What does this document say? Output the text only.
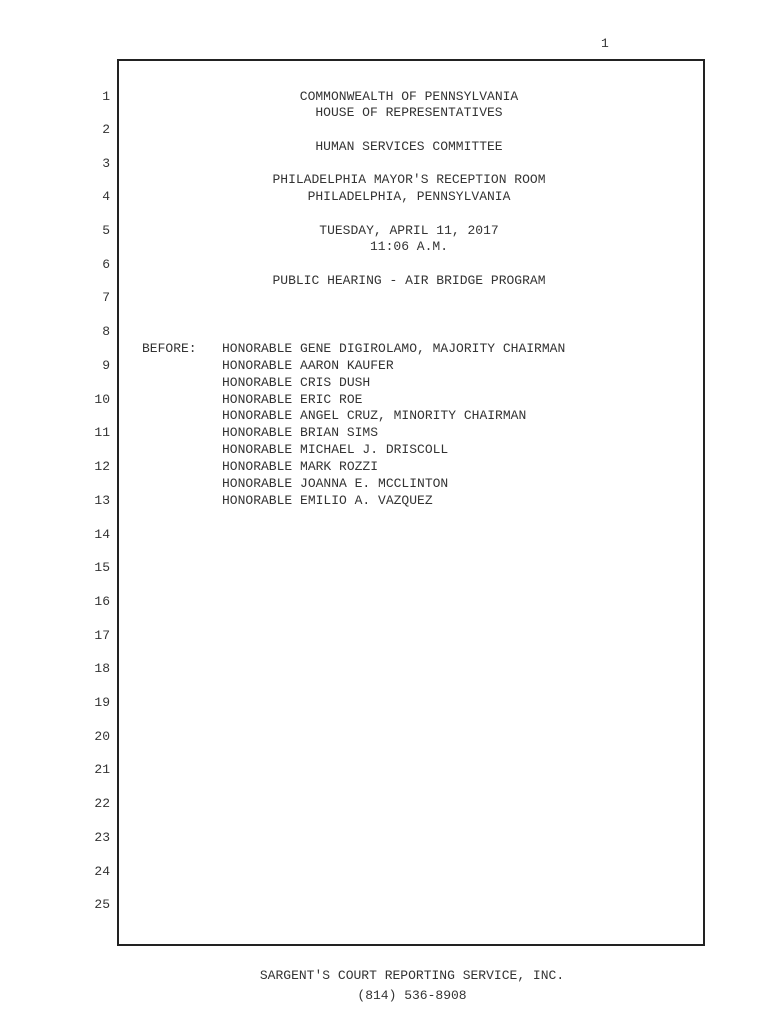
1
1
2
3
4
5
6
7
8
9
10
11
12
13
14
15
16
17
18
19
20
21
22
23
24
25
COMMONWEALTH OF PENNSYLVANIA
HOUSE OF REPRESENTATIVES
HUMAN SERVICES COMMITTEE
PHILADELPHIA MAYOR'S RECEPTION ROOM
PHILADELPHIA, PENNSYLVANIA
TUESDAY, APRIL 11, 2017
11:06 A.M.
PUBLIC HEARING - AIR BRIDGE PROGRAM
BEFORE: HONORABLE GENE DIGIROLAMO, MAJORITY CHAIRMAN
HONORABLE AARON KAUFER
HONORABLE CRIS DUSH
HONORABLE ERIC ROE
HONORABLE ANGEL CRUZ, MINORITY CHAIRMAN
HONORABLE BRIAN SIMS
HONORABLE MICHAEL J. DRISCOLL
HONORABLE MARK ROZZI
HONORABLE JOANNA E. MCCLINTON
HONORABLE EMILIO A. VAZQUEZ
SARGENT'S COURT REPORTING SERVICE, INC.
(814) 536-8908
